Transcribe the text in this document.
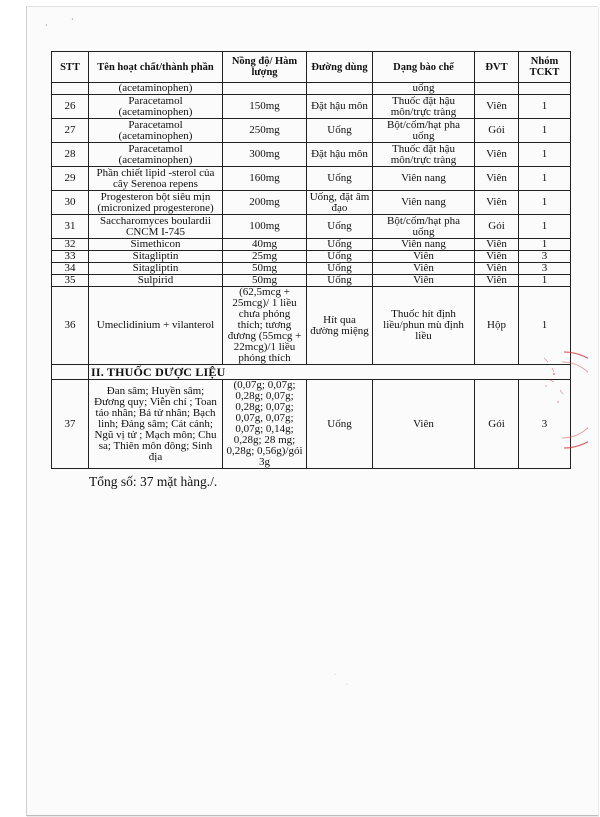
·
·
STT	Tên hoạt chất/thành phần	Nồng độ/ Hàm lượng	Đường dùng	Dạng bào chế	ĐVT	Nhóm TCKT
	(acetaminophen)			uống		
26	Paracetamol (acetaminophen)	150mg	Đặt hậu môn	Thuốc đặt hậu môn/trực tràng	Viên	1
27	Paracetamol (acetaminophen)	250mg	Uống	Bột/cốm/hạt pha uống	Gói	1
28	Paracetamol (acetaminophen)	300mg	Đặt hậu môn	Thuốc đặt hậu môn/trực tràng	Viên	1
29	Phần chiết lipid -sterol của cây Serenoa repens	160mg	Uống	Viên nang	Viên	1
30	Progesteron bột siêu mịn (micronized progesterone)	200mg	Uống, đặt âm đạo	Viên nang	Viên	1
31	Saccharomyces boulardii CNCM I-745	100mg	Uống	Bột/cốm/hạt pha uống	Gói	1
32	Simethicon	40mg	Uống	Viên nang	Viên	1
33	Sitagliptin	25mg	Uống	Viên	Viên	3
34	Sitagliptin	50mg	Uống	Viên	Viên	3
35	Sulpirid	50mg	Uống	Viên	Viên	1
36	Umeclidinium + vilanterol	(62,5mcg + 25mcg)/ 1 liều chưa phóng thích; tương đương (55mcg + 22mcg)/1 liều phóng thích	Hít qua đường miệng	Thuốc hít định liều/phun mù định liều	Hộp	1
	II. THUỐC DƯỢC LIỆU					
37	Đan sâm; Huyền sâm; Đương quy; Viễn chí ; Toan táo nhân; Bá tử nhân; Bạch linh; Đảng sâm; Cát cánh; Ngũ vị tử ; Mạch môn; Chu sa; Thiên môn đông; Sinh địa	(0,07g; 0,07g; 0,28g; 0,07g; 0,28g; 0,07g; 0,07g, 0,07g; 0,07g; 0,14g; 0,28g; 28 mg; 0,28g; 0,56g)/gói 3g	Uống	Viên	Gói	3
Tổng số: 37 mặt hàng./.
·
·
